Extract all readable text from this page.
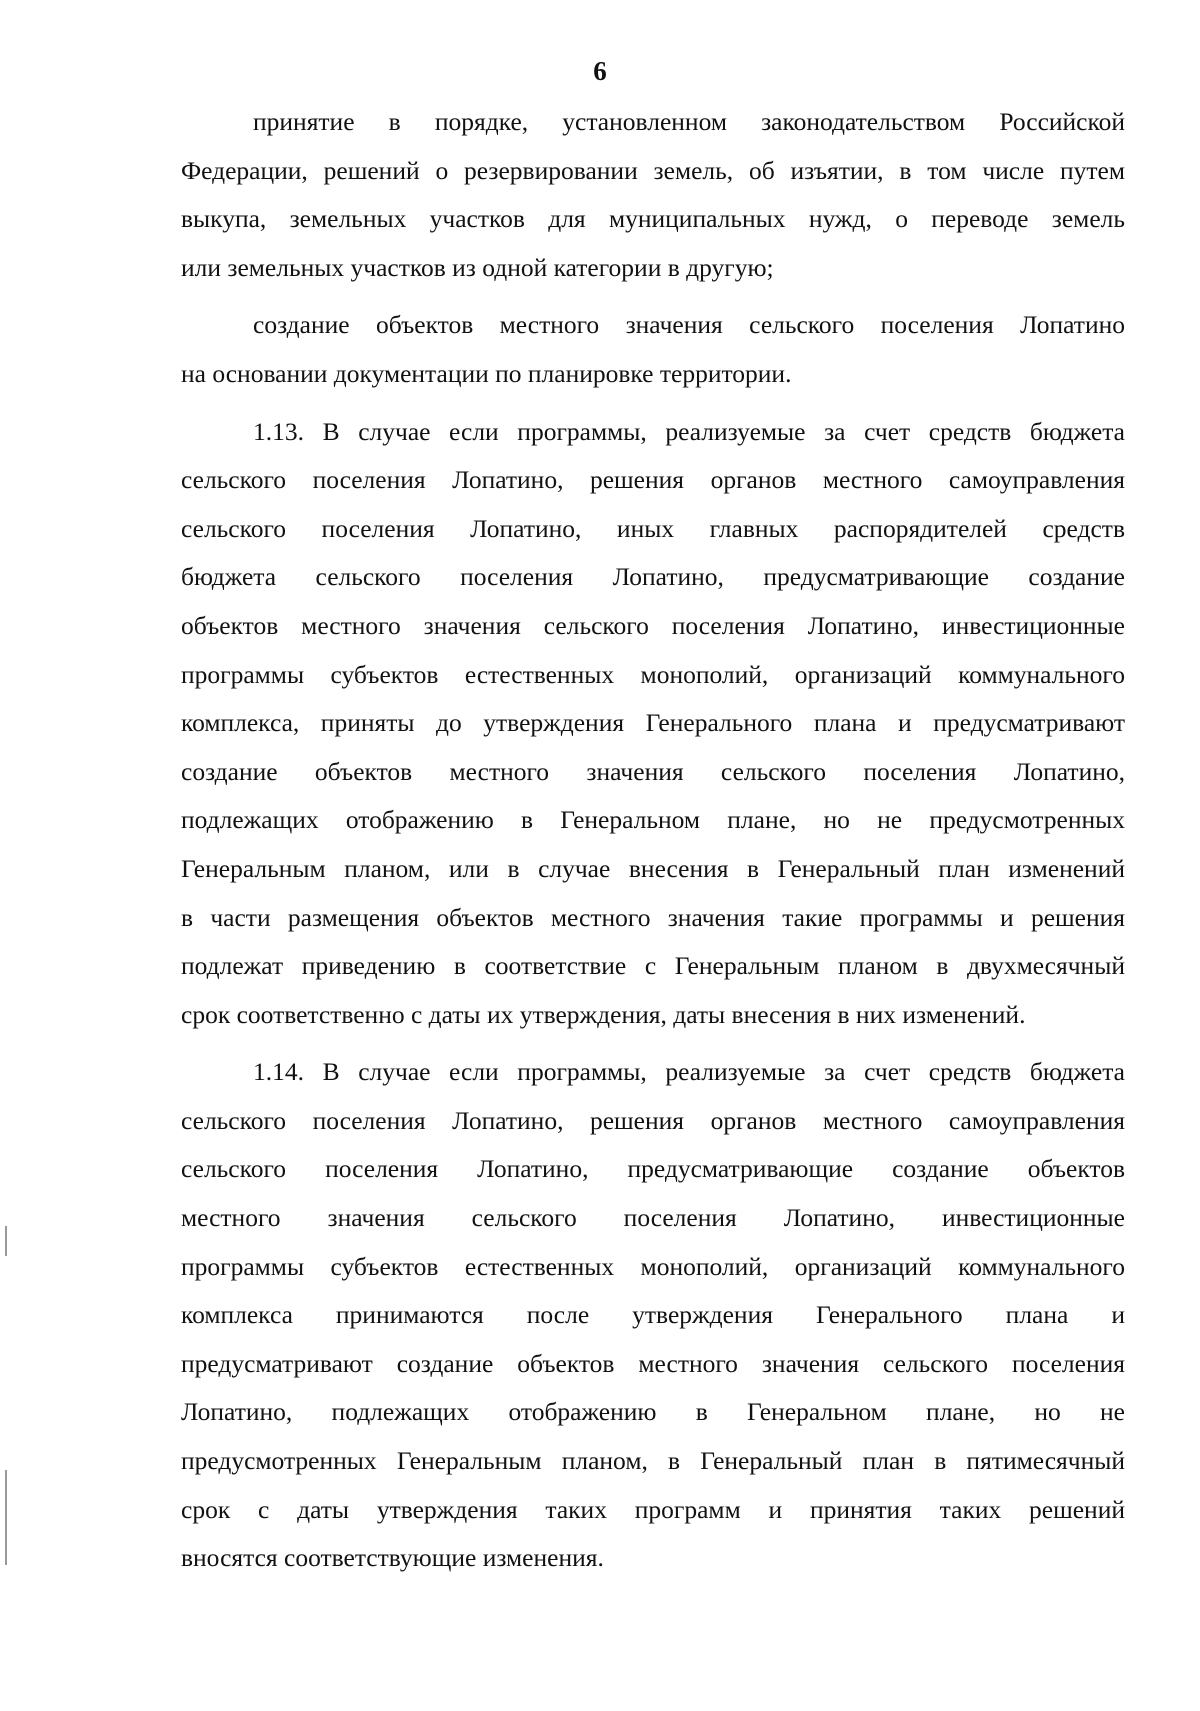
6
принятие в порядке, установленном законодательством Российской
Федерации, решений о резервировании земель, об изъятии, в том числе путем
выкупа, земельных участков для муниципальных нужд, о переводе земель
или земельных участков из одной категории в другую;
создание объектов местного значения сельского поселения Лопатино
на основании документации по планировке территории.
1.13. В случае если программы, реализуемые за счет средств бюджета
сельского поселения Лопатино, решения органов местного самоуправления
сельского поселения Лопатино, иных главных распорядителей средств
бюджета сельского поселения Лопатино, предусматривающие создание
объектов местного значения сельского поселения Лопатино, инвестиционные
программы субъектов естественных монополий, организаций коммунального
комплекса, приняты до утверждения Генерального плана и предусматривают
создание объектов местного значения сельского поселения Лопатино,
подлежащих отображению в Генеральном плане, но не предусмотренных
Генеральным планом, или в случае внесения в Генеральный план изменений
в части размещения объектов местного значения такие программы и решения
подлежат приведению в соответствие с Генеральным планом в двухмесячный
срок соответственно с даты их утверждения, даты внесения в них изменений.
1.14. В случае если программы, реализуемые за счет средств бюджета
сельского поселения Лопатино, решения органов местного самоуправления
сельского поселения Лопатино, предусматривающие создание объектов
местного значения сельского поселения Лопатино, инвестиционные
программы субъектов естественных монополий, организаций коммунального
комплекса принимаются после утверждения Генерального плана и
предусматривают создание объектов местного значения сельского поселения
Лопатино, подлежащих отображению в Генеральном плане, но не
предусмотренных Генеральным планом, в Генеральный план в пятимесячный
срок с даты утверждения таких программ и принятия таких решений
вносятся соответствующие изменения.
